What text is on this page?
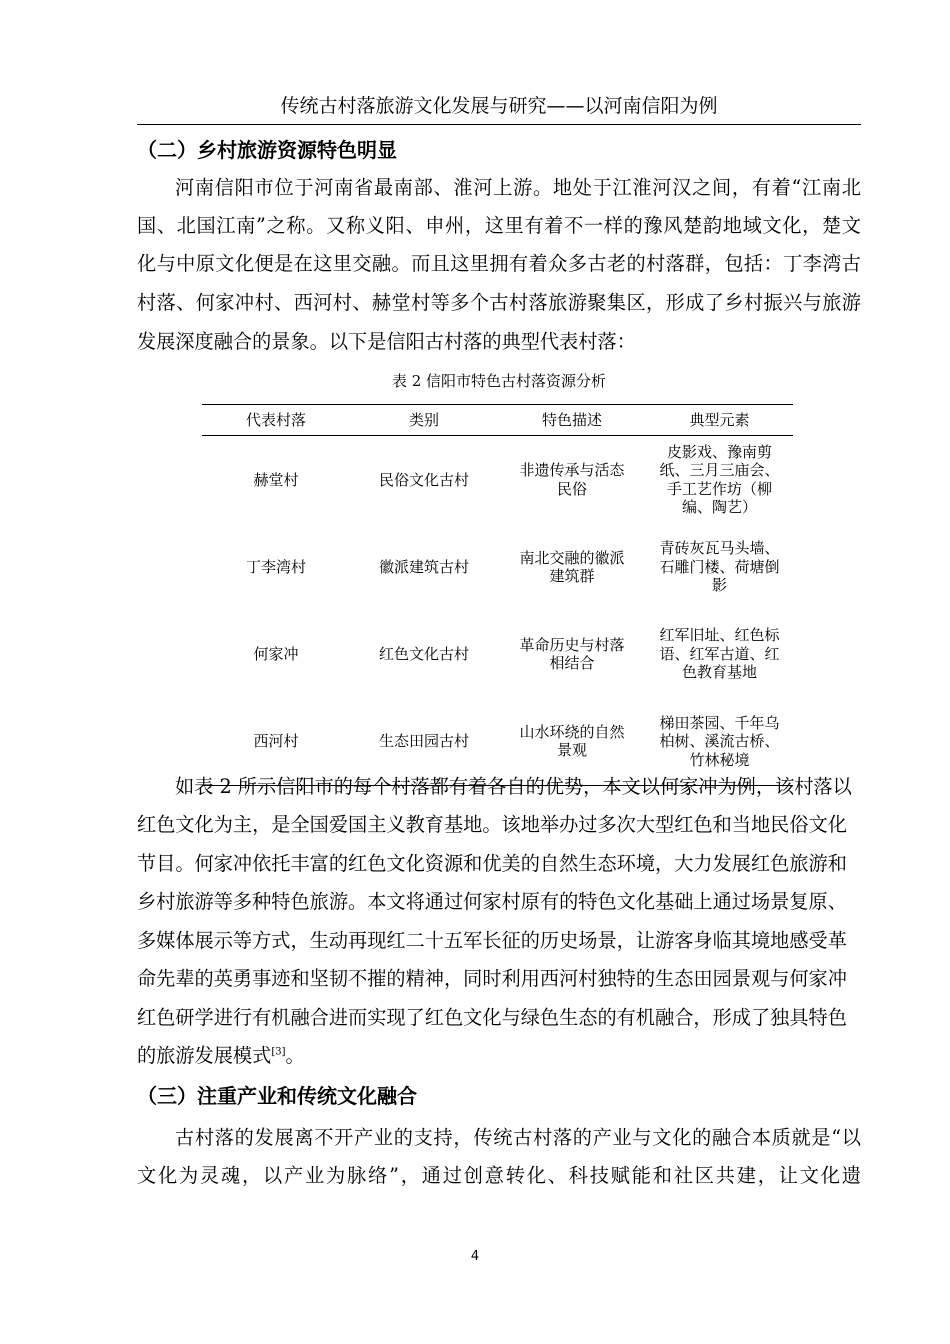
传统古村落旅游文化发展与研究——以河南信阳为例
（二）乡村旅游资源特色明显
河南信阳市位于河南省最南部、淮河上游。地处于江淮河汉之间，有着“江南北
国、北国江南”之称。又称义阳、申州，这里有着不一样的豫风楚韵地域文化，楚文
化与中原文化便是在这里交融。而且这里拥有着众多古老的村落群，包括：丁李湾古
村落、何家冲村、西河村、赫堂村等多个古村落旅游聚集区，形成了乡村振兴与旅游
发展深度融合的景象。以下是信阳古村落的典型代表村落：
表 2 信阳市特色古村落资源分析
代表村落	类别	特色描述	典型元素
赫堂村	民俗文化古村	非遗传承与活态民俗	皮影戏、豫南剪纸、三月三庙会、手工艺作坊（柳编、陶艺）
丁李湾村	徽派建筑古村	南北交融的徽派建筑群	青砖灰瓦马头墙、石雕门楼、荷塘倒影
何家冲	红色文化古村	革命历史与村落相结合	红军旧址、红色标语、红军古道、红色教育基地
西河村	生态田园古村	山水环绕的自然景观	梯田茶园、千年乌柏树、溪流古桥、竹林秘境
如表 2 所示信阳市的每个村落都有着各自的优势，本文以何家冲为例，该村落以
红色文化为主，是全国爱国主义教育基地。该地举办过多次大型红色和当地民俗文化
节目。何家冲依托丰富的红色文化资源和优美的自然生态环境，大力发展红色旅游和
乡村旅游等多种特色旅游。本文将通过何家村原有的特色文化基础上通过场景复原、
多媒体展示等方式，生动再现红二十五军长征的历史场景，让游客身临其境地感受革
命先辈的英勇事迹和坚韧不摧的精神，同时利用西河村独特的生态田园景观与何家冲
红色研学进行有机融合进而实现了红色文化与绿色生态的有机融合，形成了独具特色
的旅游发展模式[3]。
（三）注重产业和传统文化融合
古村落的发展离不开产业的支持，传统古村落的产业与文化的融合本质就是“以
文化为灵魂，以产业为脉络”，通过创意转化、科技赋能和社区共建，让文化遗
4
